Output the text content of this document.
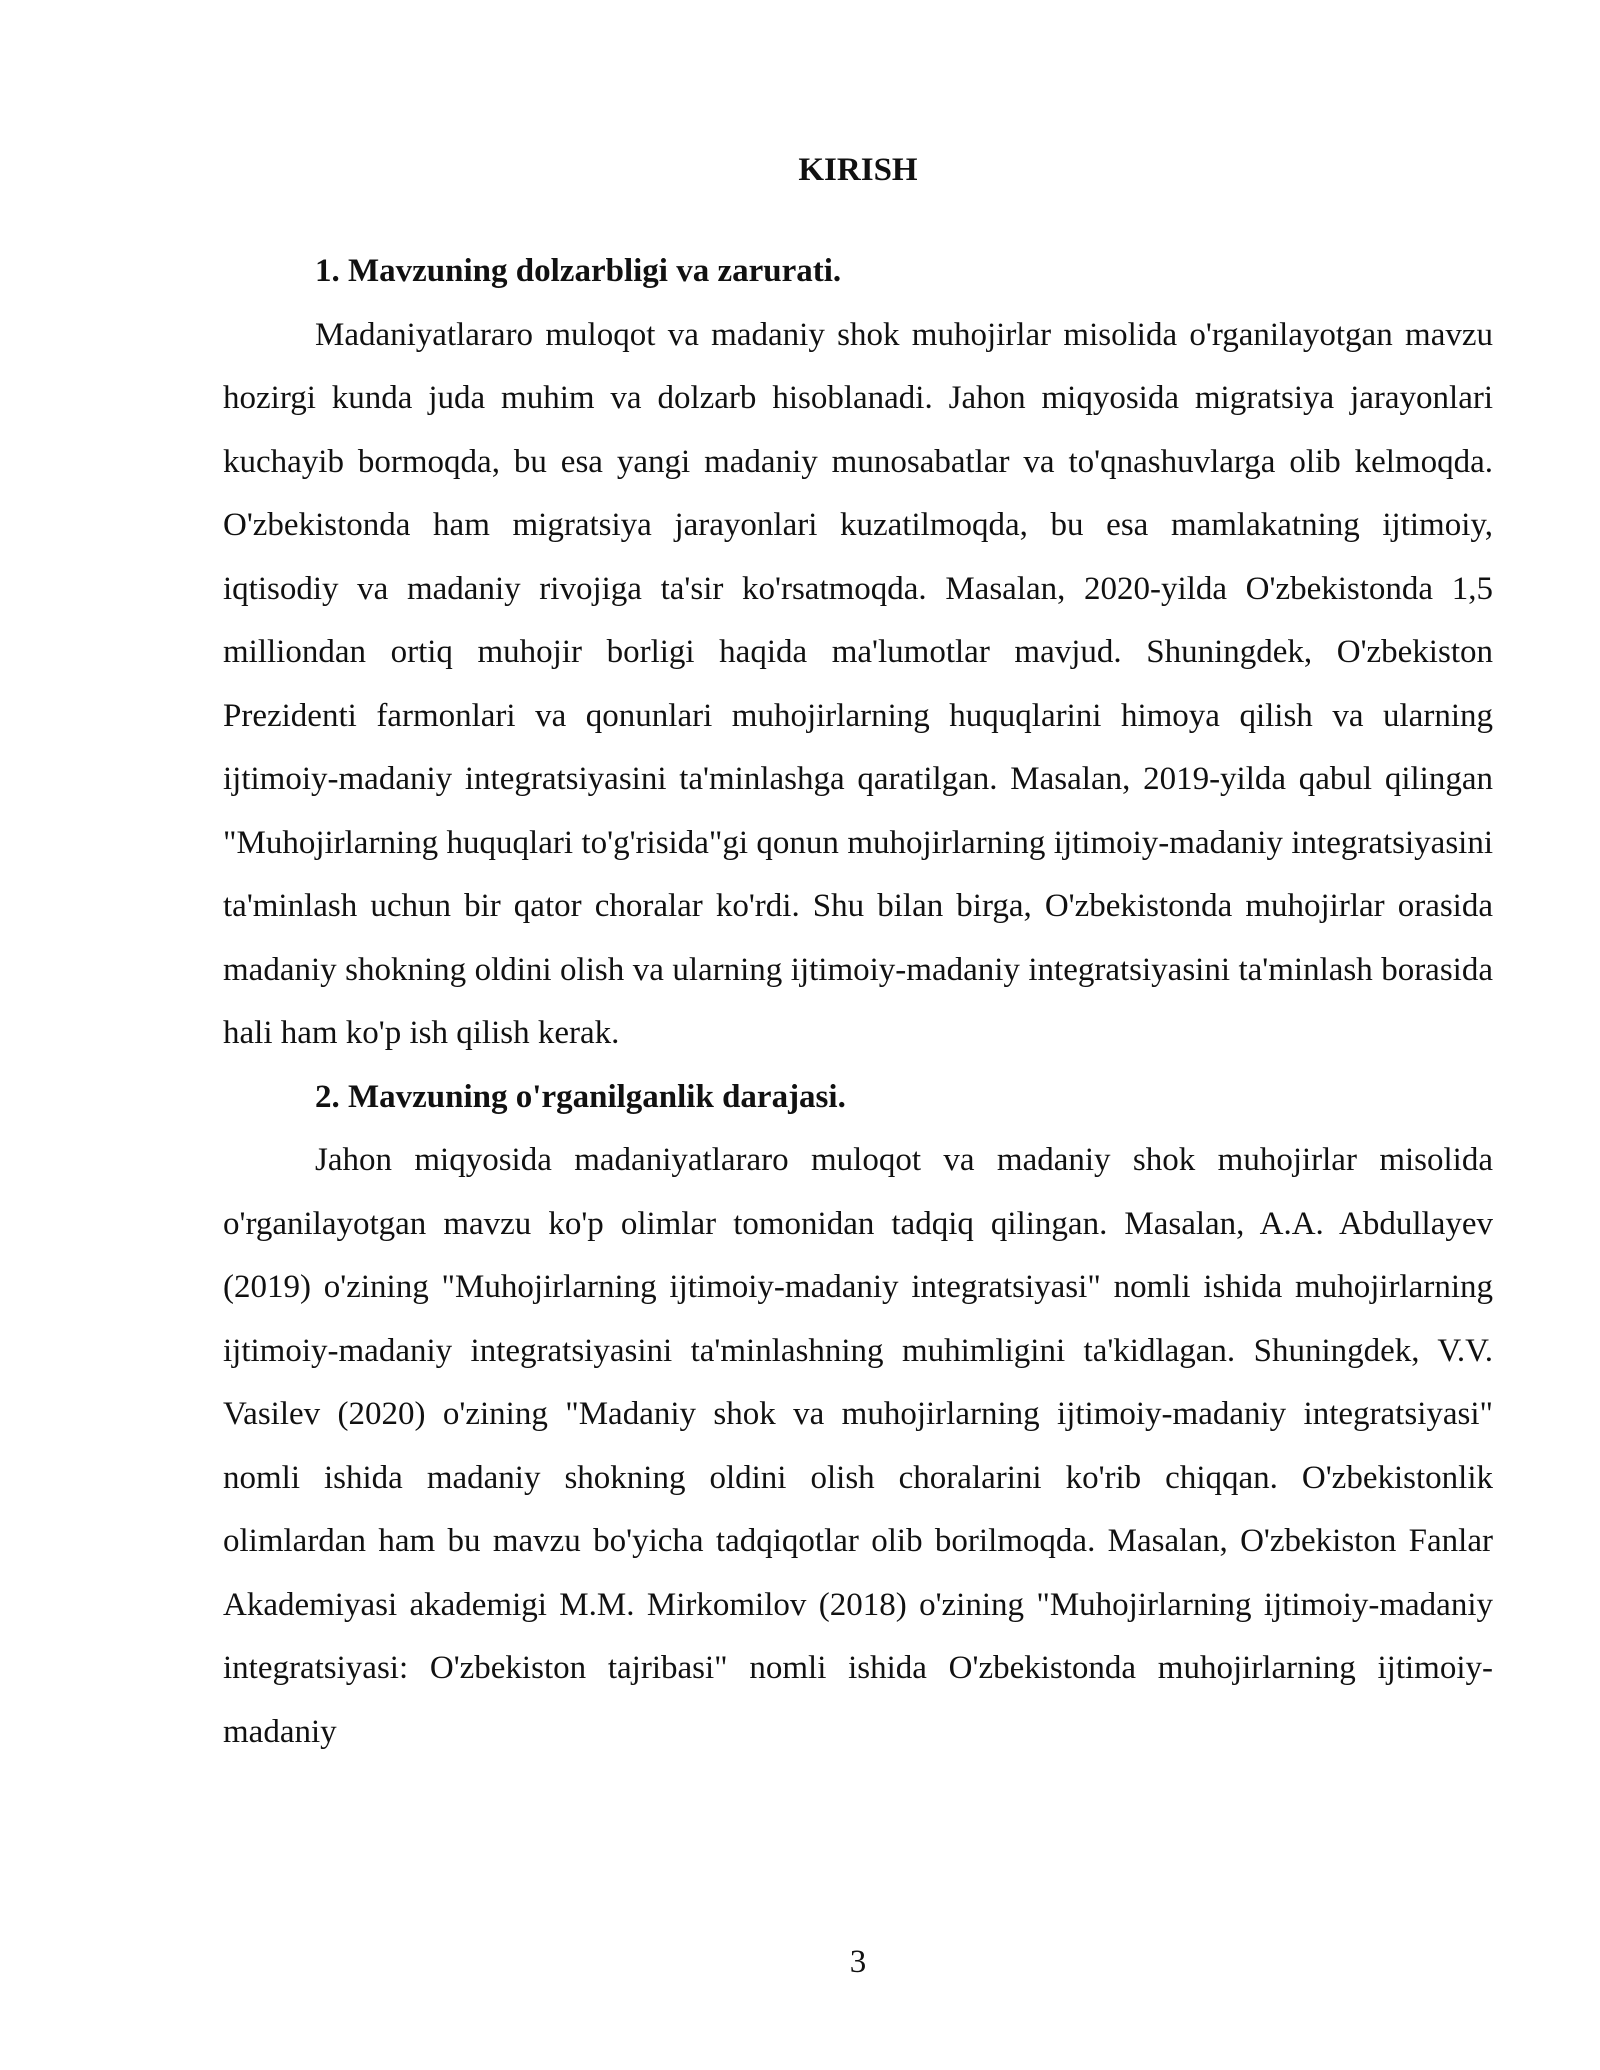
KIRISH

1. Mavzuning dolzarbligi va zarurati.

Madaniyatlararo muloqot va madaniy shok muhojirlar misolida o'rganilayotgan mavzu hozirgi kunda juda muhim va dolzarb hisoblanadi. Jahon miqyosida migratsiya jarayonlari kuchayib bormoqda, bu esa yangi madaniy munosabatlar va to'qnashuvlarga olib kelmoqda. O'zbekistonda ham migratsiya jarayonlari kuzatilmoqda, bu esa mamlakatning ijtimoiy, iqtisodiy va madaniy rivojiga ta'sir ko'rsatmoqda. Masalan, 2020-yilda O'zbekistonda 1,5 milliondan ortiq muhojir borligi haqida ma'lumotlar mavjud. Shuningdek, O'zbekiston Prezidenti farmonlari va qonunlari muhojirlarning huquqlarini himoya qilish va ularning ijtimoiy-madaniy integratsiyasini ta'minlashga qaratilgan. Masalan, 2019-yilda qabul qilingan "Muhojirlarning huquqlari to'g'risida"gi qonun muhojirlarning ijtimoiy-madaniy integratsiyasini ta'minlash uchun bir qator choralar ko'rdi. Shu bilan birga, O'zbekistonda muhojirlar orasida madaniy shokning oldini olish va ularning ijtimoiy-madaniy integratsiyasini ta'minlash borasida hali ham ko'p ish qilish kerak.

2. Mavzuning o'rganilganlik darajasi.

Jahon miqyosida madaniyatlararo muloqot va madaniy shok muhojirlar misolida o'rganilayotgan mavzu ko'p olimlar tomonidan tadqiq qilingan. Masalan, A.A. Abdullayev (2019) o'zining "Muhojirlarning ijtimoiy-madaniy integratsiyasi" nomli ishida muhojirlarning ijtimoiy-madaniy integratsiyasini ta'minlashning muhimligini ta'kidlagan. Shuningdek, V.V. Vasilev (2020) o'zining "Madaniy shok va muhojirlarning ijtimoiy-madaniy integratsiyasi" nomli ishida madaniy shokning oldini olish choralarini ko'rib chiqqan. O'zbekistonlik olimlardan ham bu mavzu bo'yicha tadqiqotlar olib borilmoqda. Masalan, O'zbekiston Fanlar Akademiyasi akademigi M.M. Mirkomilov (2018) o'zining "Muhojirlarning ijtimoiy-madaniy integratsiyasi: O'zbekiston tajribasi" nomli ishida O'zbekistonda muhojirlarning ijtimoiy-madaniy

3
